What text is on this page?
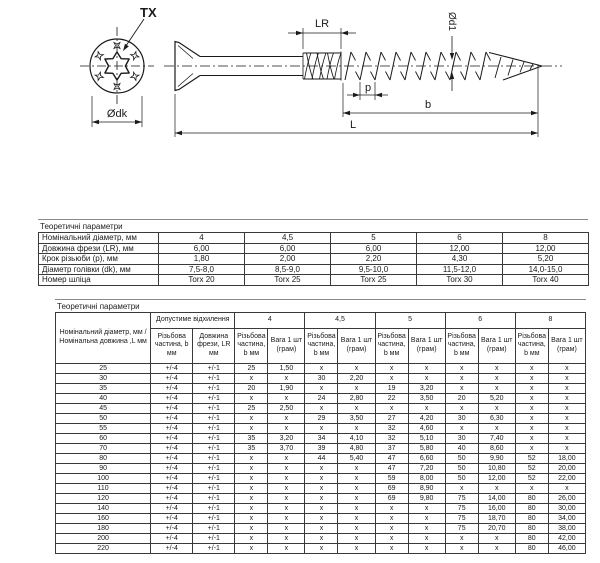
TX
Ødk
LR	Ød1
p
b
L
Теоретичні параметри
Номінальний діаметр, мм	4	4,5	5	6	8
Довжина фрези (LR), мм	6,00	6,00	6,00	12,00	12,00
Крок різьюби (p), мм	1,80	2,00	2,20	4,30	5,20
Діаметр голівки (dk), мм	7,5-8,0	8,5-9,0	9,5-10,0	11,5-12,0	14,0-15,0
Номер шліца	Torx 20	Torx 25	Torx 25	Torx 30	Torx 40
Теоретичні параметри
Номінальний діаметр, мм / Номінальна довжина ,L мм	Допустиме відхилення		4		4,5		5		6		8	
	Різьбова частина, b мм	Довжина фрези, LR мм	Різьбова частина, b мм	Вага 1 шт (грам)	Різьбова частина, b мм	Вага 1 шт (грам)	Різьбова частина, b мм	Вага 1 шт (грам)	Різьбова частина, b мм	Вага 1 шт (грам)	Різьбова частина, b мм	Вага 1 шт (грам)
25	+/-4	+/-1	25	1,50	x	x	x	x	x	x	x	x
30	+/-4	+/-1	x	x	30	2,20	x	x	x	x	x	x
35	+/-4	+/-1	20	1,90	x	x	19	3,20	x	x	x	x
40	+/-4	+/-1	x	x	24	2,80	22	3,50	20	5,20	x	x
45	+/-4	+/-1	25	2,50	x	x	x	x	x	x	x	x
50	+/-4	+/-1	x	x	29	3,50	27	4,20	30	6,30	x	x
55	+/-4	+/-1	x	x	x	x	32	4,60	x	x	x	x
60	+/-4	+/-1	35	3,20	34	4,10	32	5,10	30	7,40	x	x
70	+/-4	+/-1	35	3,70	39	4,80	37	5,80	40	8,60	x	x
80	+/-4	+/-1	x	x	44	5,40	47	6,60	50	9,90	52	18,00
90	+/-4	+/-1	x	x	x	x	47	7,20	50	10,80	52	20,00
100	+/-4	+/-1	x	x	x	x	59	8,00	50	12,00	52	22,00
110	+/-4	+/-1	x	x	x	x	69	8,90	x	x	x	x
120	+/-4	+/-1	x	x	x	x	69	9,80	75	14,00	80	26,00
140	+/-4	+/-1	x	x	x	x	x	x	75	16,00	80	30,00
160	+/-4	+/-1	x	x	x	x	x	x	75	18,70	80	34,00
180	+/-4	+/-1	x	x	x	x	x	x	75	20,70	80	38,00
200	+/-4	+/-1	x	x	x	x	x	x	x	x	80	42,00
220	+/-4	+/-1	x	x	x	x	x	x	x	x	80	46,00
